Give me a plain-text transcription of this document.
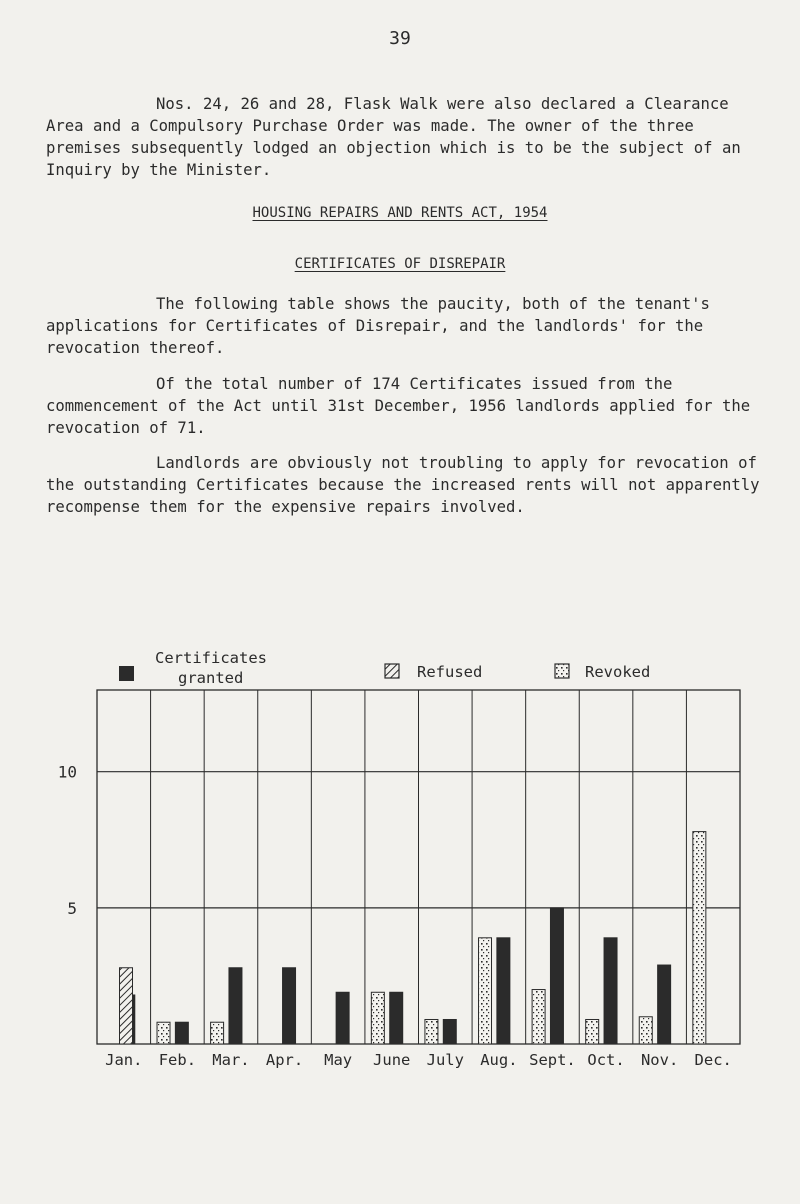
39

Nos. 24, 26 and 28, Flask Walk were also declared a Clearance Area and a Compulsory Purchase Order was made. The owner of the three premises subsequently lodged an objection which is to be the subject of an Inquiry by the Minister.

HOUSING REPAIRS AND RENTS ACT, 1954
CERTIFICATES OF DISREPAIR

The following table shows the paucity, both of the tenant's applications for Certificates of Disrepair, and the landlords' for the revocation thereof.

Of the total number of 174 Certificates issued from the commencement of the Act until 31st December, 1956 landlords applied for the revocation of 71.

Landlords are obviously not troubling to apply for revocation of the outstanding Certificates because the increased rents will not apparently recompense them for the expensive repairs involved.

Certificates
granted	Refused	Revoked
5
10
Jan. Feb. Mar. Apr. May June July Aug. Sept. Oct. Nov. Dec.
